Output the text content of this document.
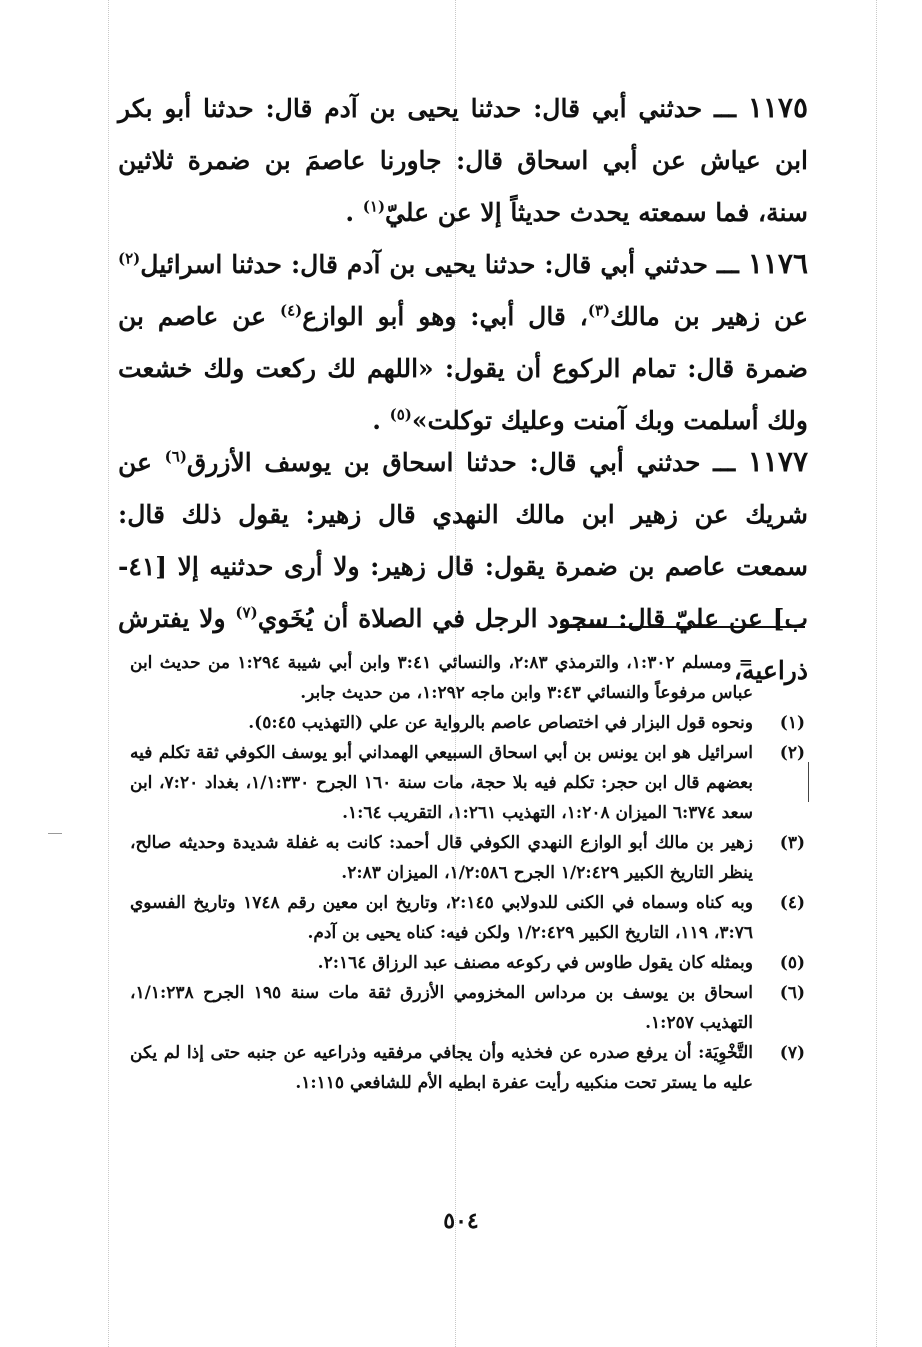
١١٧٥ ـــ حدثني أبي قال: حدثنا يحيى بن آدم قال: حدثنا أبو بكر ابن عياش عن أبي اسحاق قال: جاورنا عاصمَ بن ضمرة ثلاثين سنة، فما سمعته يحدث حديثاً إلا عن عليّ$^{(١)}$ .
١١٧٦ ـــ حدثني أبي قال: حدثنا يحيى بن آدم قال: حدثنا اسرائيل$^{(٢)}$ عن زهير بن مالك$^{(٣)}$، قال أبي: وهو أبو الوازع$^{(٤)}$ عن عاصم بن ضمرة قال: تمام الركوع أن يقول: «اللهم لك ركعت ولك خشعت ولك أسلمت وبك آمنت وعليك توكلت»$^{(٥)}$ .
١١٧٧ ـــ حدثني أبي قال: حدثنا اسحاق بن يوسف الأزرق$^{(٦)}$ عن شريك عن زهير ابن مالك النهدي قال زهير: يقول ذلك قال: سمعت عاصم بن ضمرة يقول: قال زهير: ولا أرى حدثنيه إلا [٤١-ب] عن عليّ قال: سجود الرجل في الصلاة أن يُخَوي$^{(٧)}$ ولا يفترش ذراعيه،
= ومسلم ١:٣٠٢، والترمذي ٢:٨٣، والنسائي ٣:٤١ وابن أبي شيبة ١:٢٩٤ من حديث ابن عباس مرفوعاً والنسائي ٣:٤٣ وابن ماجه ١:٢٩٢، من حديث جابر.
(١)
ونحوه قول البزار في اختصاص عاصم بالرواية عن علي (التهذيب ٥:٤٥).
(٢)
اسرائيل هو ابن يونس بن أبي اسحاق السبيعي الهمداني أبو يوسف الكوفي ثقة تكلم فيه بعضهم قال ابن حجر: تكلم فيه بلا حجة، مات سنة ١٦٠ الجرح ١/١:٣٣٠، بغداد ٧:٢٠، ابن سعد ٦:٣٧٤ الميزان ١:٢٠٨، التهذيب ١:٢٦١، التقريب ١:٦٤.
(٣)
زهير بن مالك أبو الوازع النهدي الكوفي قال أحمد: كانت به غفلة شديدة وحديثه صالح، ينظر التاريخ الكبير ١/٢:٤٢٩ الجرح ١/٢:٥٨٦، الميزان ٢:٨٣.
(٤)
وبه كناه وسماه في الكنى للدولابي ٢:١٤٥، وتاريخ ابن معين رقم ١٧٤٨ وتاريخ الفسوي ٣:٧٦، ١١٩، التاريخ الكبير ١/٢:٤٢٩ ولكن فيه: كناه يحيى بن آدم.
(٥)
وبمثله كان يقول طاوس في ركوعه مصنف عبد الرزاق ٢:١٦٤.
(٦)
اسحاق بن يوسف بن مرداس المخزومي الأزرق ثقة مات سنة ١٩٥ الجرح ١/١:٢٣٨، التهذيب ١:٢٥٧.
(٧)
التَّخْوِيَة: أن يرفع صدره عن فخذيه وأن يجافي مرفقيه وذراعيه عن جنبه حتى إذا لم يكن عليه ما يستر تحت منكبيه رأيت عفرة ابطيه الأم للشافعي ١:١١٥.
٥٠٤
